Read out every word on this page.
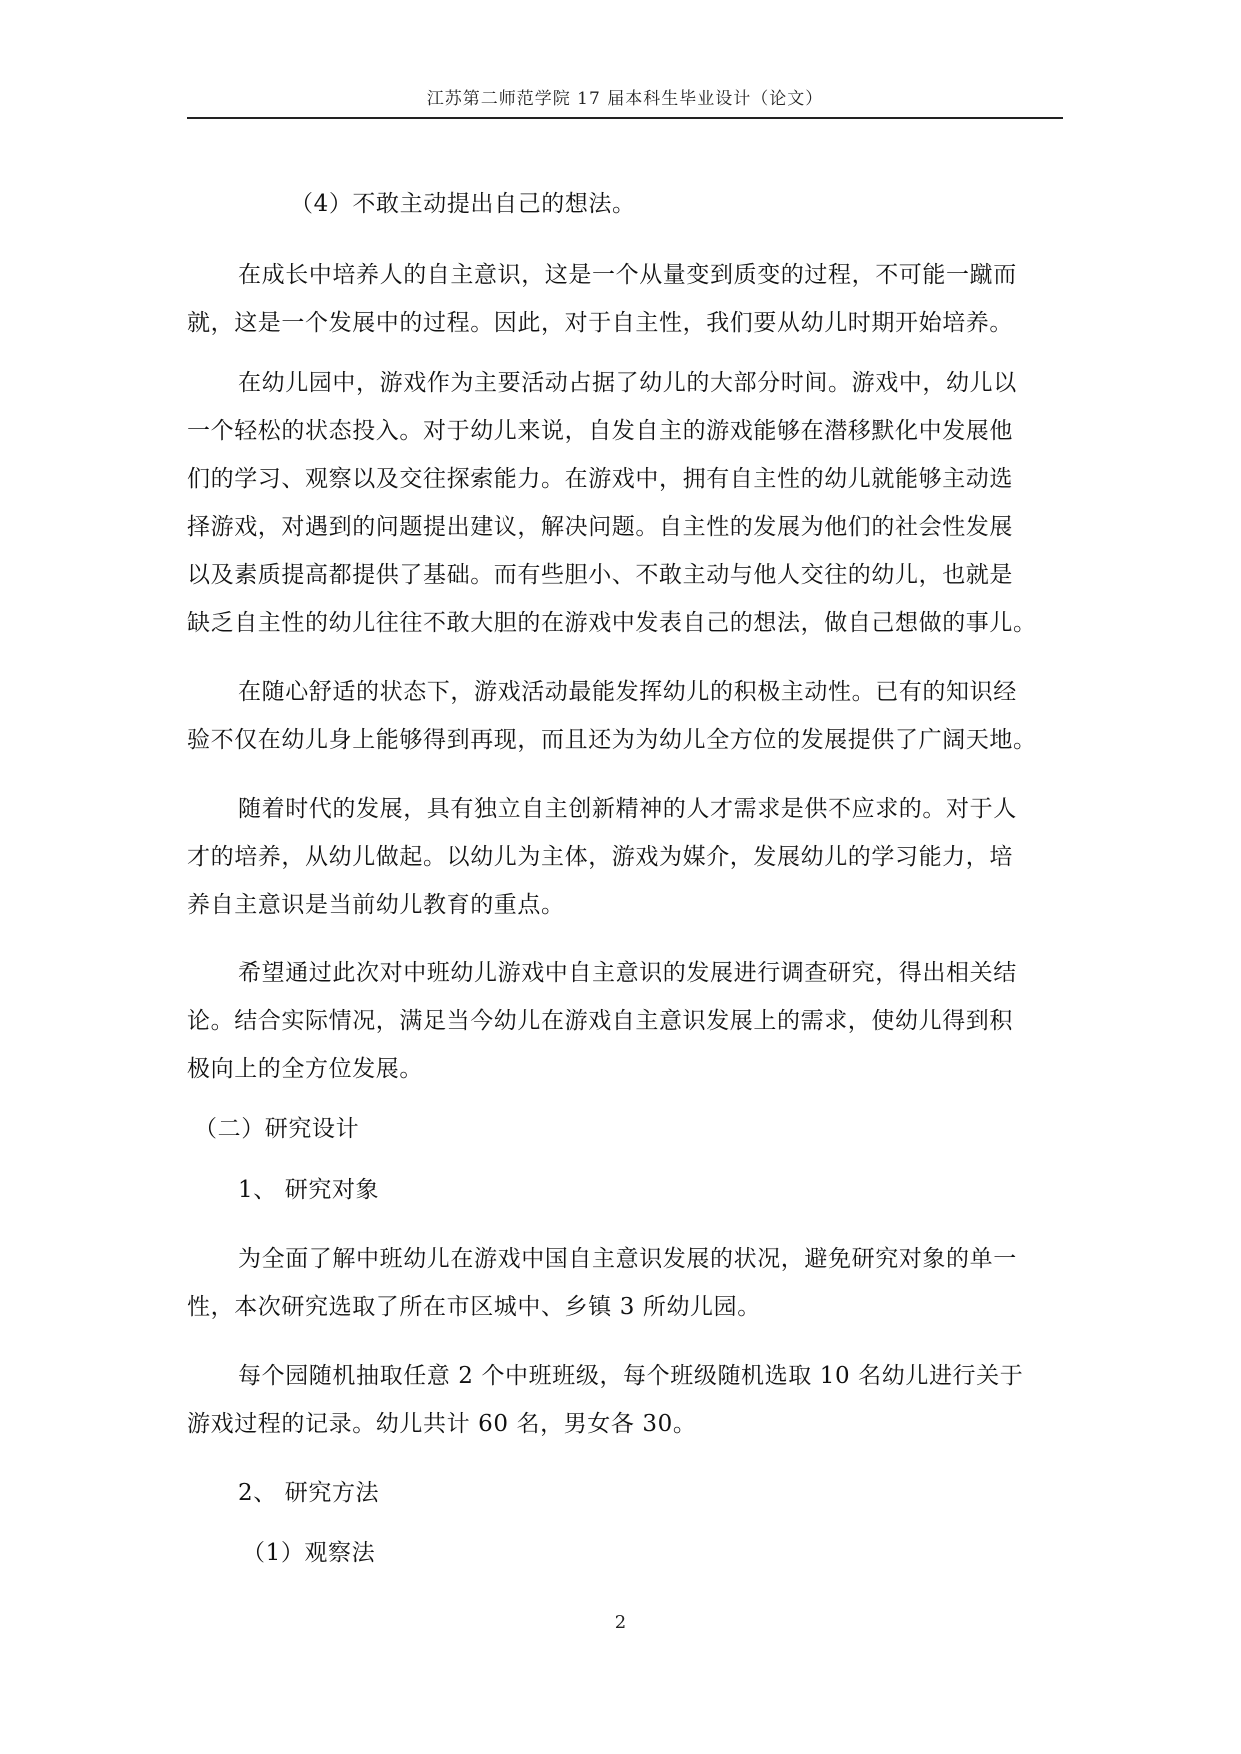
江苏第二师范学院 17 届本科生毕业设计（论文）
（4）不敢主动提出自己的想法。
在成长中培养人的自主意识，这是一个从量变到质变的过程，不可能一蹴而
就，这是一个发展中的过程。因此，对于自主性，我们要从幼儿时期开始培养。
在幼儿园中，游戏作为主要活动占据了幼儿的大部分时间。游戏中，幼儿以
一个轻松的状态投入。对于幼儿来说，自发自主的游戏能够在潜移默化中发展他
们的学习、观察以及交往探索能力。在游戏中，拥有自主性的幼儿就能够主动选
择游戏，对遇到的问题提出建议，解决问题。自主性的发展为他们的社会性发展
以及素质提高都提供了基础。而有些胆小、不敢主动与他人交往的幼儿，也就是
缺乏自主性的幼儿往往不敢大胆的在游戏中发表自己的想法，做自己想做的事儿。
在随心舒适的状态下，游戏活动最能发挥幼儿的积极主动性。已有的知识经
验不仅在幼儿身上能够得到再现，而且还为为幼儿全方位的发展提供了广阔天地。
随着时代的发展，具有独立自主创新精神的人才需求是供不应求的。对于人
才的培养，从幼儿做起。以幼儿为主体，游戏为媒介，发展幼儿的学习能力，培
养自主意识是当前幼儿教育的重点。
希望通过此次对中班幼儿游戏中自主意识的发展进行调查研究，得出相关结
论。结合实际情况，满足当今幼儿在游戏自主意识发展上的需求，使幼儿得到积
极向上的全方位发展。
（二）研究设计
1、 研究对象
为全面了解中班幼儿在游戏中国自主意识发展的状况，避免研究对象的单一
性，本次研究选取了所在市区城中、乡镇 3 所幼儿园。
每个园随机抽取任意 2 个中班班级，每个班级随机选取 10 名幼儿进行关于
游戏过程的记录。幼儿共计 60 名，男女各 30。
2、 研究方法
（1）观察法
2
